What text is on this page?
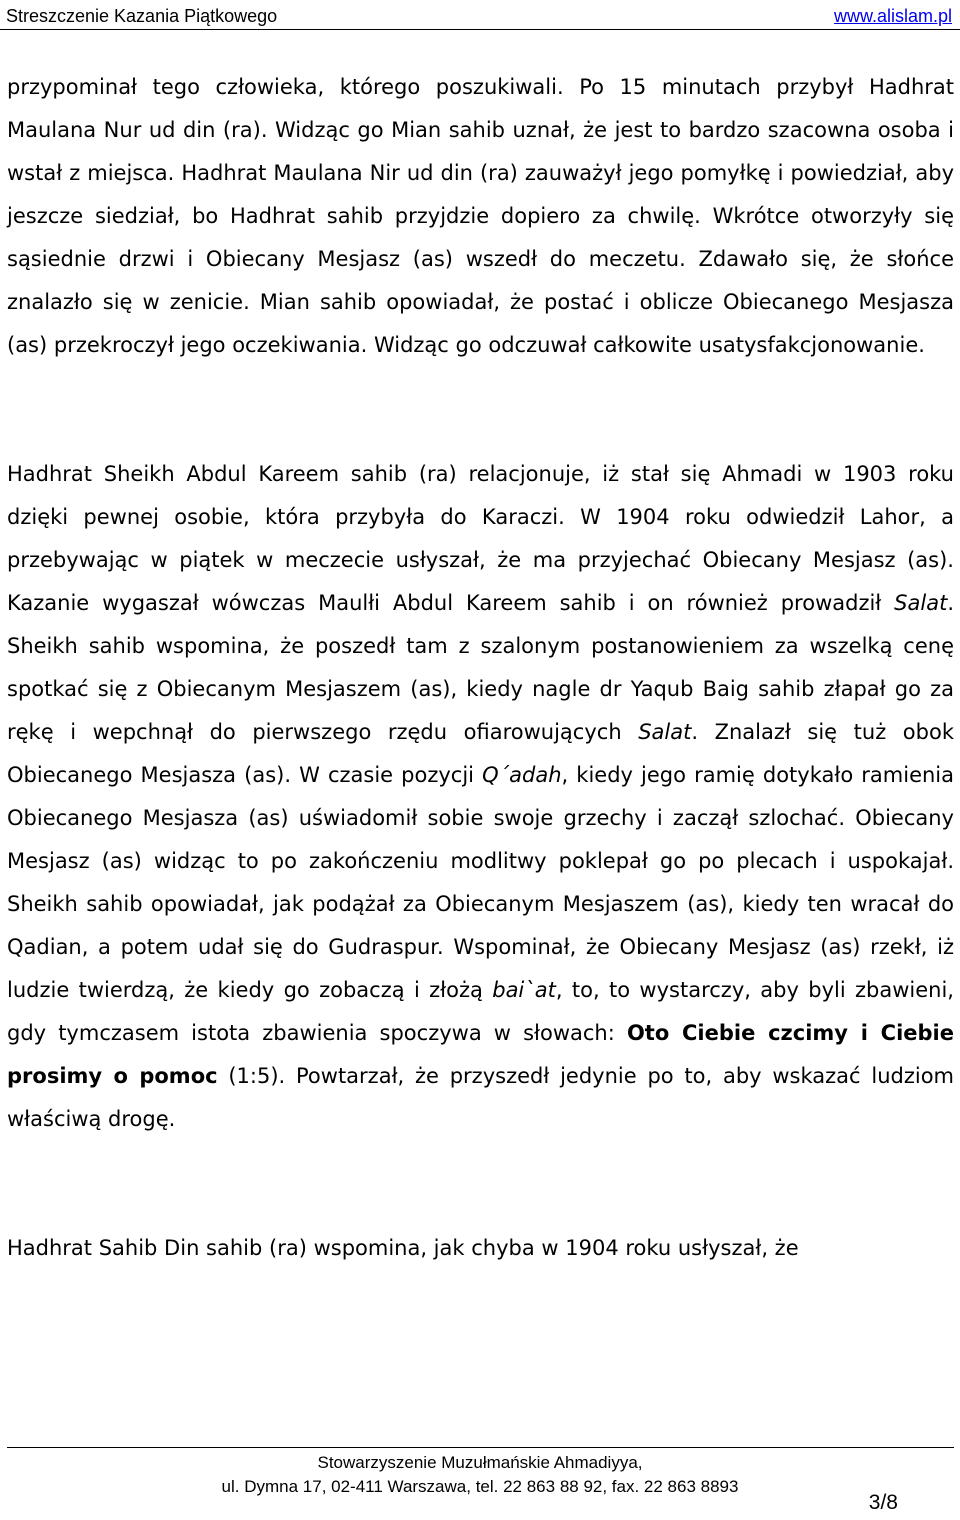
Streszczenie Kazania Piątkowego	www.alislam.pl

przypominał tego człowieka, którego poszukiwali. Po 15 minutach przybył Hadhrat Maulana Nur ud din (ra). Widząc go Mian sahib uznał, że jest to bardzo szacowna osoba i wstał z miejsca. Hadhrat Maulana Nir ud din (ra) zauważył jego pomyłkę i powiedział, aby jeszcze siedział, bo Hadhrat sahib przyjdzie dopiero za chwilę. Wkrótce otworzyły się sąsiednie drzwi i Obiecany Mesjasz (as) wszedł do meczetu. Zdawało się, że słońce znalazło się w zenicie. Mian sahib opowiadał, że postać i oblicze Obiecanego Mesjasza (as) przekroczył jego oczekiwania. Widząc go odczuwał całkowite usatysfakcjonowanie.

Hadhrat Sheikh Abdul Kareem sahib (ra) relacjonuje, iż stał się Ahmadi w 1903 roku dzięki pewnej osobie, która przybyła do Karaczi. W 1904 roku odwiedził Lahor, a przebywając w piątek w meczecie usłyszał, że ma przyjechać Obiecany Mesjasz (as). Kazanie wygaszał wówczas Maulłi Abdul Kareem sahib i on również prowadził Salat. Sheikh sahib wspomina, że poszedł tam z szalonym postanowieniem za wszelką cenę spotkać się z Obiecanym Mesjaszem (as), kiedy nagle dr Yaqub Baig sahib złapał go za rękę i wepchnął do pierwszego rzędu ofiarowujących Salat. Znalazł się tuż obok Obiecanego Mesjasza (as). W czasie pozycji Q´adah, kiedy jego ramię dotykało ramienia Obiecanego Mesjasza (as) uświadomił sobie swoje grzechy i zaczął szlochać. Obiecany Mesjasz (as) widząc to po zakończeniu modlitwy poklepał go po plecach i uspokajał. Sheikh sahib opowiadał, jak podążał za Obiecanym Mesjaszem (as), kiedy ten wracał do Qadian, a potem udał się do Gudraspur. Wspominał, że Obiecany Mesjasz (as) rzekł, iż ludzie twierdzą, że kiedy go zobaczą i złożą bai`at, to, to wystarczy, aby byli zbawieni, gdy tymczasem istota zbawienia spoczywa w słowach: Oto Ciebie czcimy i Ciebie prosimy o pomoc (1:5). Powtarzał, że przyszedł jedynie po to, aby wskazać ludziom właściwą drogę.

Hadhrat Sahib Din sahib (ra) wspomina, jak chyba w 1904 roku usłyszał, że

Stowarzyszenie Muzułmańskie Ahmadiyya,
ul. Dymna 17, 02-411 Warszawa, tel. 22 863 88 92, fax. 22 863 8893
3/8
